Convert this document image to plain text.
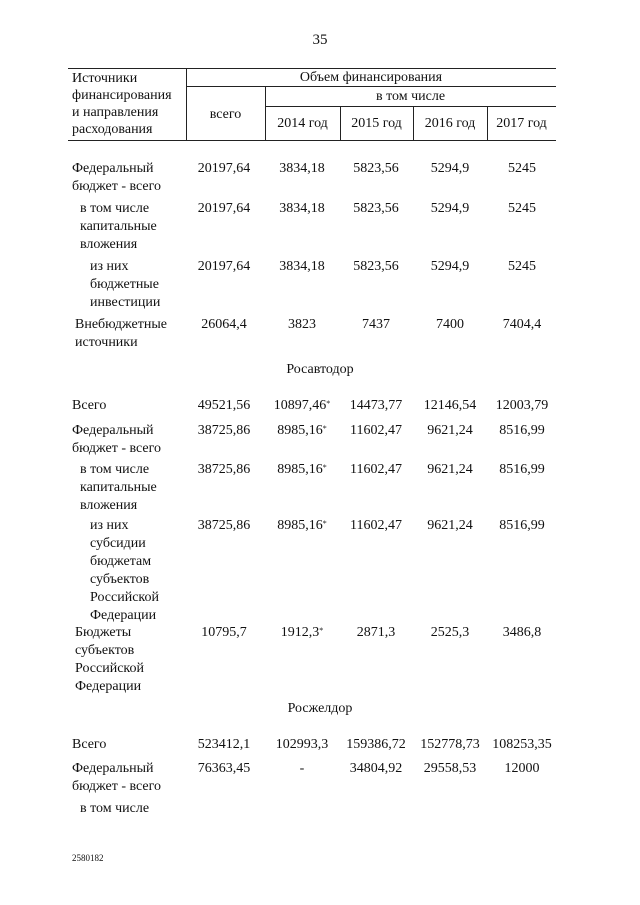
35
Источники
финансирования
и направления
расходования
Объем финансирования
в том числе
всего
2014 год	2015 год	2016 год	2017 год
Федеральный
бюджет - всего
20197,64	3834,18	5823,56	5294,9	5245
в том числе
капитальные
вложения
20197,64	3834,18	5823,56	5294,9	5245
из них
бюджетные
инвестиции
20197,64	3834,18	5823,56	5294,9	5245
Внебюджетные
источники
26064,4	3823	7437	7400	7404,4
Росавтодор
Всего	49521,56	10897,46*	14473,77	12146,54	12003,79
Федеральный
бюджет - всего
38725,86	8985,16*	11602,47	9621,24	8516,99
в том числе
капитальные
вложения
38725,86	8985,16*	11602,47	9621,24	8516,99
из них
субсидии
бюджетам
субъектов
Российской
Федерации
38725,86	8985,16*	11602,47	9621,24	8516,99
Бюджеты
субъектов
Российской
Федерации
10795,7	1912,3*	2871,3	2525,3	3486,8
Росжелдор
Всего	523412,1	102993,3	159386,72	152778,73 108253,35
Федеральный
бюджет - всего
76363,45	-	34804,92	29558,53	12000
в том числе
2580182
